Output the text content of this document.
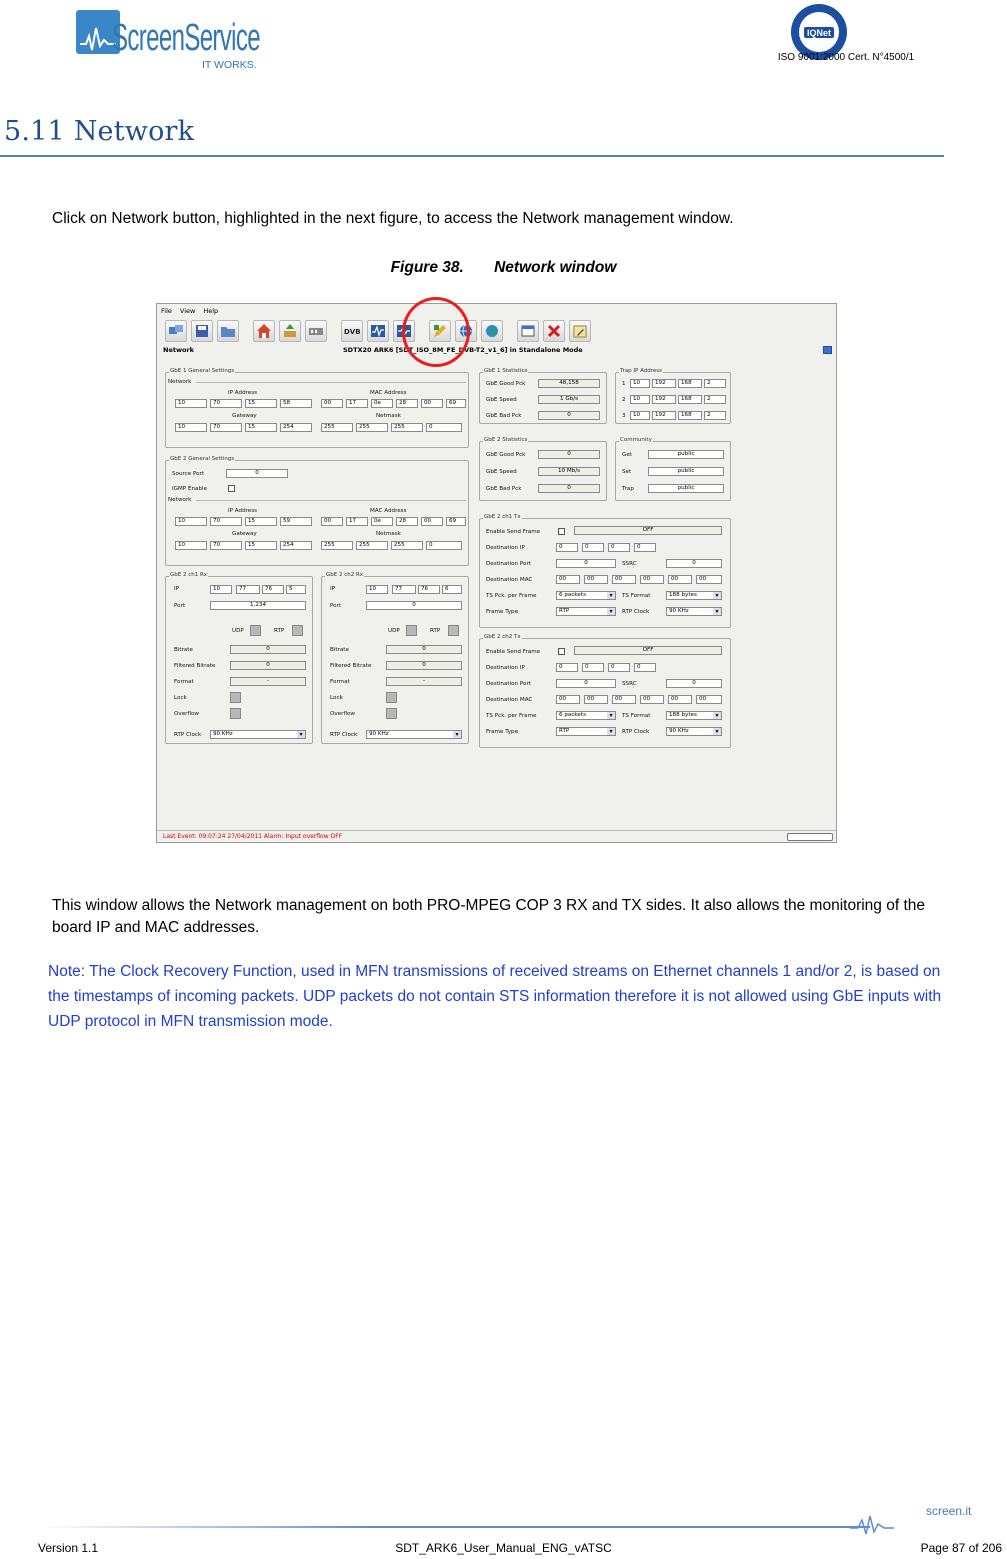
ScreenService
IT WORKS.
IQNet
ISO 9001:2000 Cert. N°4500/1
5.11 Network
Click on Network button, highlighted in the next figure, to access the Network management window.
Figure 38. Network window
File View Help
DVB
Network	SDTX20 ARK6 [SDT_ISO_8M_FE_DVB-T2_v1_6] in Standalone Mode
GbE 1 General Settings
Network
IP Address	MAC Address
10	70	15	58	00	17	0e	28	00	69
Gateway	Netmask
10	70	15	254	255	255	255	0
GbE 2 General Settings
Source Port	0
IGMP Enable
Network
IP Address	MAC Address
10	70	15	59	00	17	0e	28	00	69
Gateway	Netmask
10	70	15	254	255	255	255	0
GbE 1 Statistics
GbE Good Pck	48,158
GbE Speed	1 Gb/s
GbE Bad Pck	0
Trap IP Address
1	10	192	168	2
2	10	192	168	2
3	10	192	168	2
GbE 2 Statistics
GbE Good Pck	0
GbE Speed	10 Mb/s
GbE Bad Pck	0
Community
Get	public
Set	public
Trap	public
GbE 2 ch1 Rx
IP	10	77	76	5
Port	1,234
UDP	RTP
Bitrate	0
Filtered Bitrate	0
Format	-
Lock
Overflow
RTP Clock	90 KHz ▾
GbE 2 ch2 Rx
IP	10	77	76	6
Port	0
UDP	RTP
Bitrate	0
Filtered Bitrate	0
Format	-
Lock
Overflow
RTP Clock	90 KHz ▾
GbE 2 ch1 Tx
Enable Send Frame	OFF
Destination IP	0	0	0	0
Destination Port	0	SSRC	0
Destination MAC	00	00	00	00	00	00
TS Pck. per Frame	6 packets ▾	TS Format	188 bytes ▾
Frame Type	RTP ▾	RTP Clock	90 KHz ▾
GbE 2 ch2 Tx
Enable Send Frame	OFF
Destination IP	0	0	0	0
Destination Port	0	SSRC	0
Destination MAC	00	00	00	00	00	00
TS Pck. per Frame	6 packets ▾	TS Format	188 bytes ▾
Frame Type	RTP ▾	RTP Clock	90 KHz ▾
Last Event: 09:07:24 27/04/2011 Alarm: Input overflow OFF
This window allows the Network management on both PRO-MPEG COP 3 RX and TX sides. It also allows the monitoring of the board IP and MAC addresses.
Note: The Clock Recovery Function, used in MFN transmissions of received streams on Ethernet channels 1 and/or 2, is based on the timestamps of incoming packets. UDP packets do not contain STS information therefore it is not allowed using GbE inputs with UDP protocol in MFN transmission mode.
screen.it
Version 1.1	SDT_ARK6_User_Manual_ENG_vATSC	Page 87 of 206
